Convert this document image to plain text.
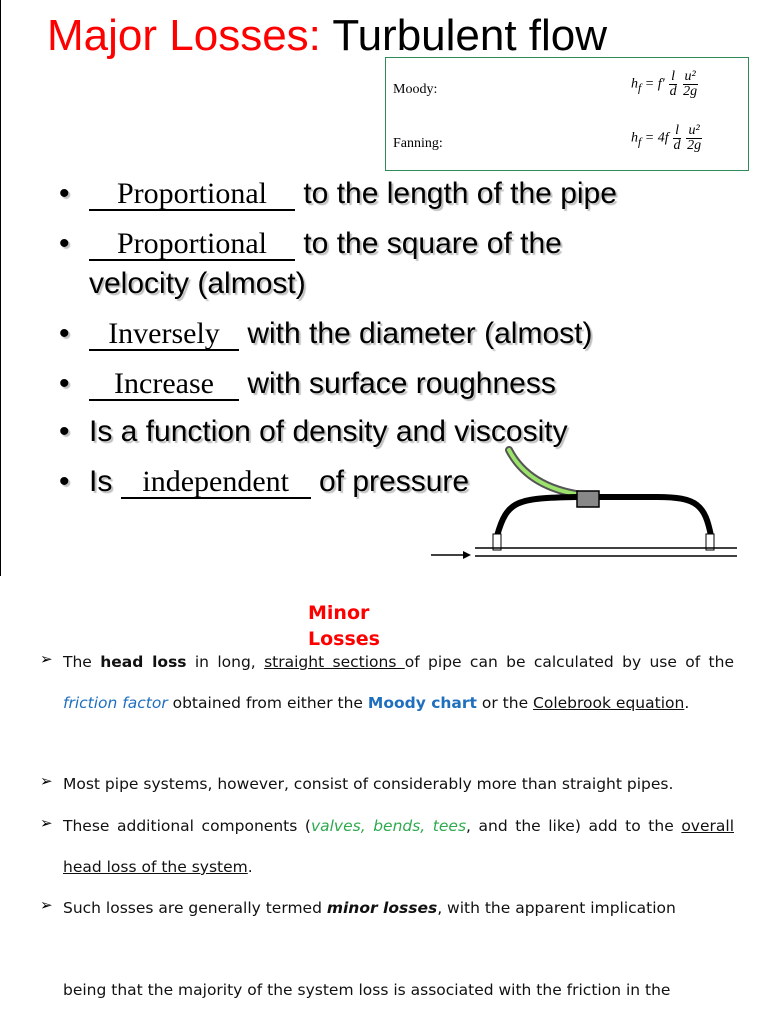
Major Losses: Turbulent flow
Moody:	$h_f = f' \frac{l}{d}$
$\frac{\text{u²}}{2g}$
Fanning:	$h_f = 4f \frac{l}{d}$
$\frac{\text{u²}}{2g}$
• Proportional to the length of the pipe
• Proportional to the square of the
velocity (almost)
• Inversely with the diameter (almost)
• Increase with surface roughness
• Is a function of density and viscosity
• Is independent of pressure
Minor Losses
➢ The head loss in long, straight sections of pipe can be calculated by use of the friction factor obtained from either the Moody chart or the Colebrook equation.
➢ Most pipe systems, however, consist of considerably more than straight pipes.
➢ These additional components (valves, bends, tees, and the like) add to the overall head loss of the system.
➢ Such losses are generally termed minor losses, with the apparent implication
being that the majority of the system loss is associated with the friction in the
